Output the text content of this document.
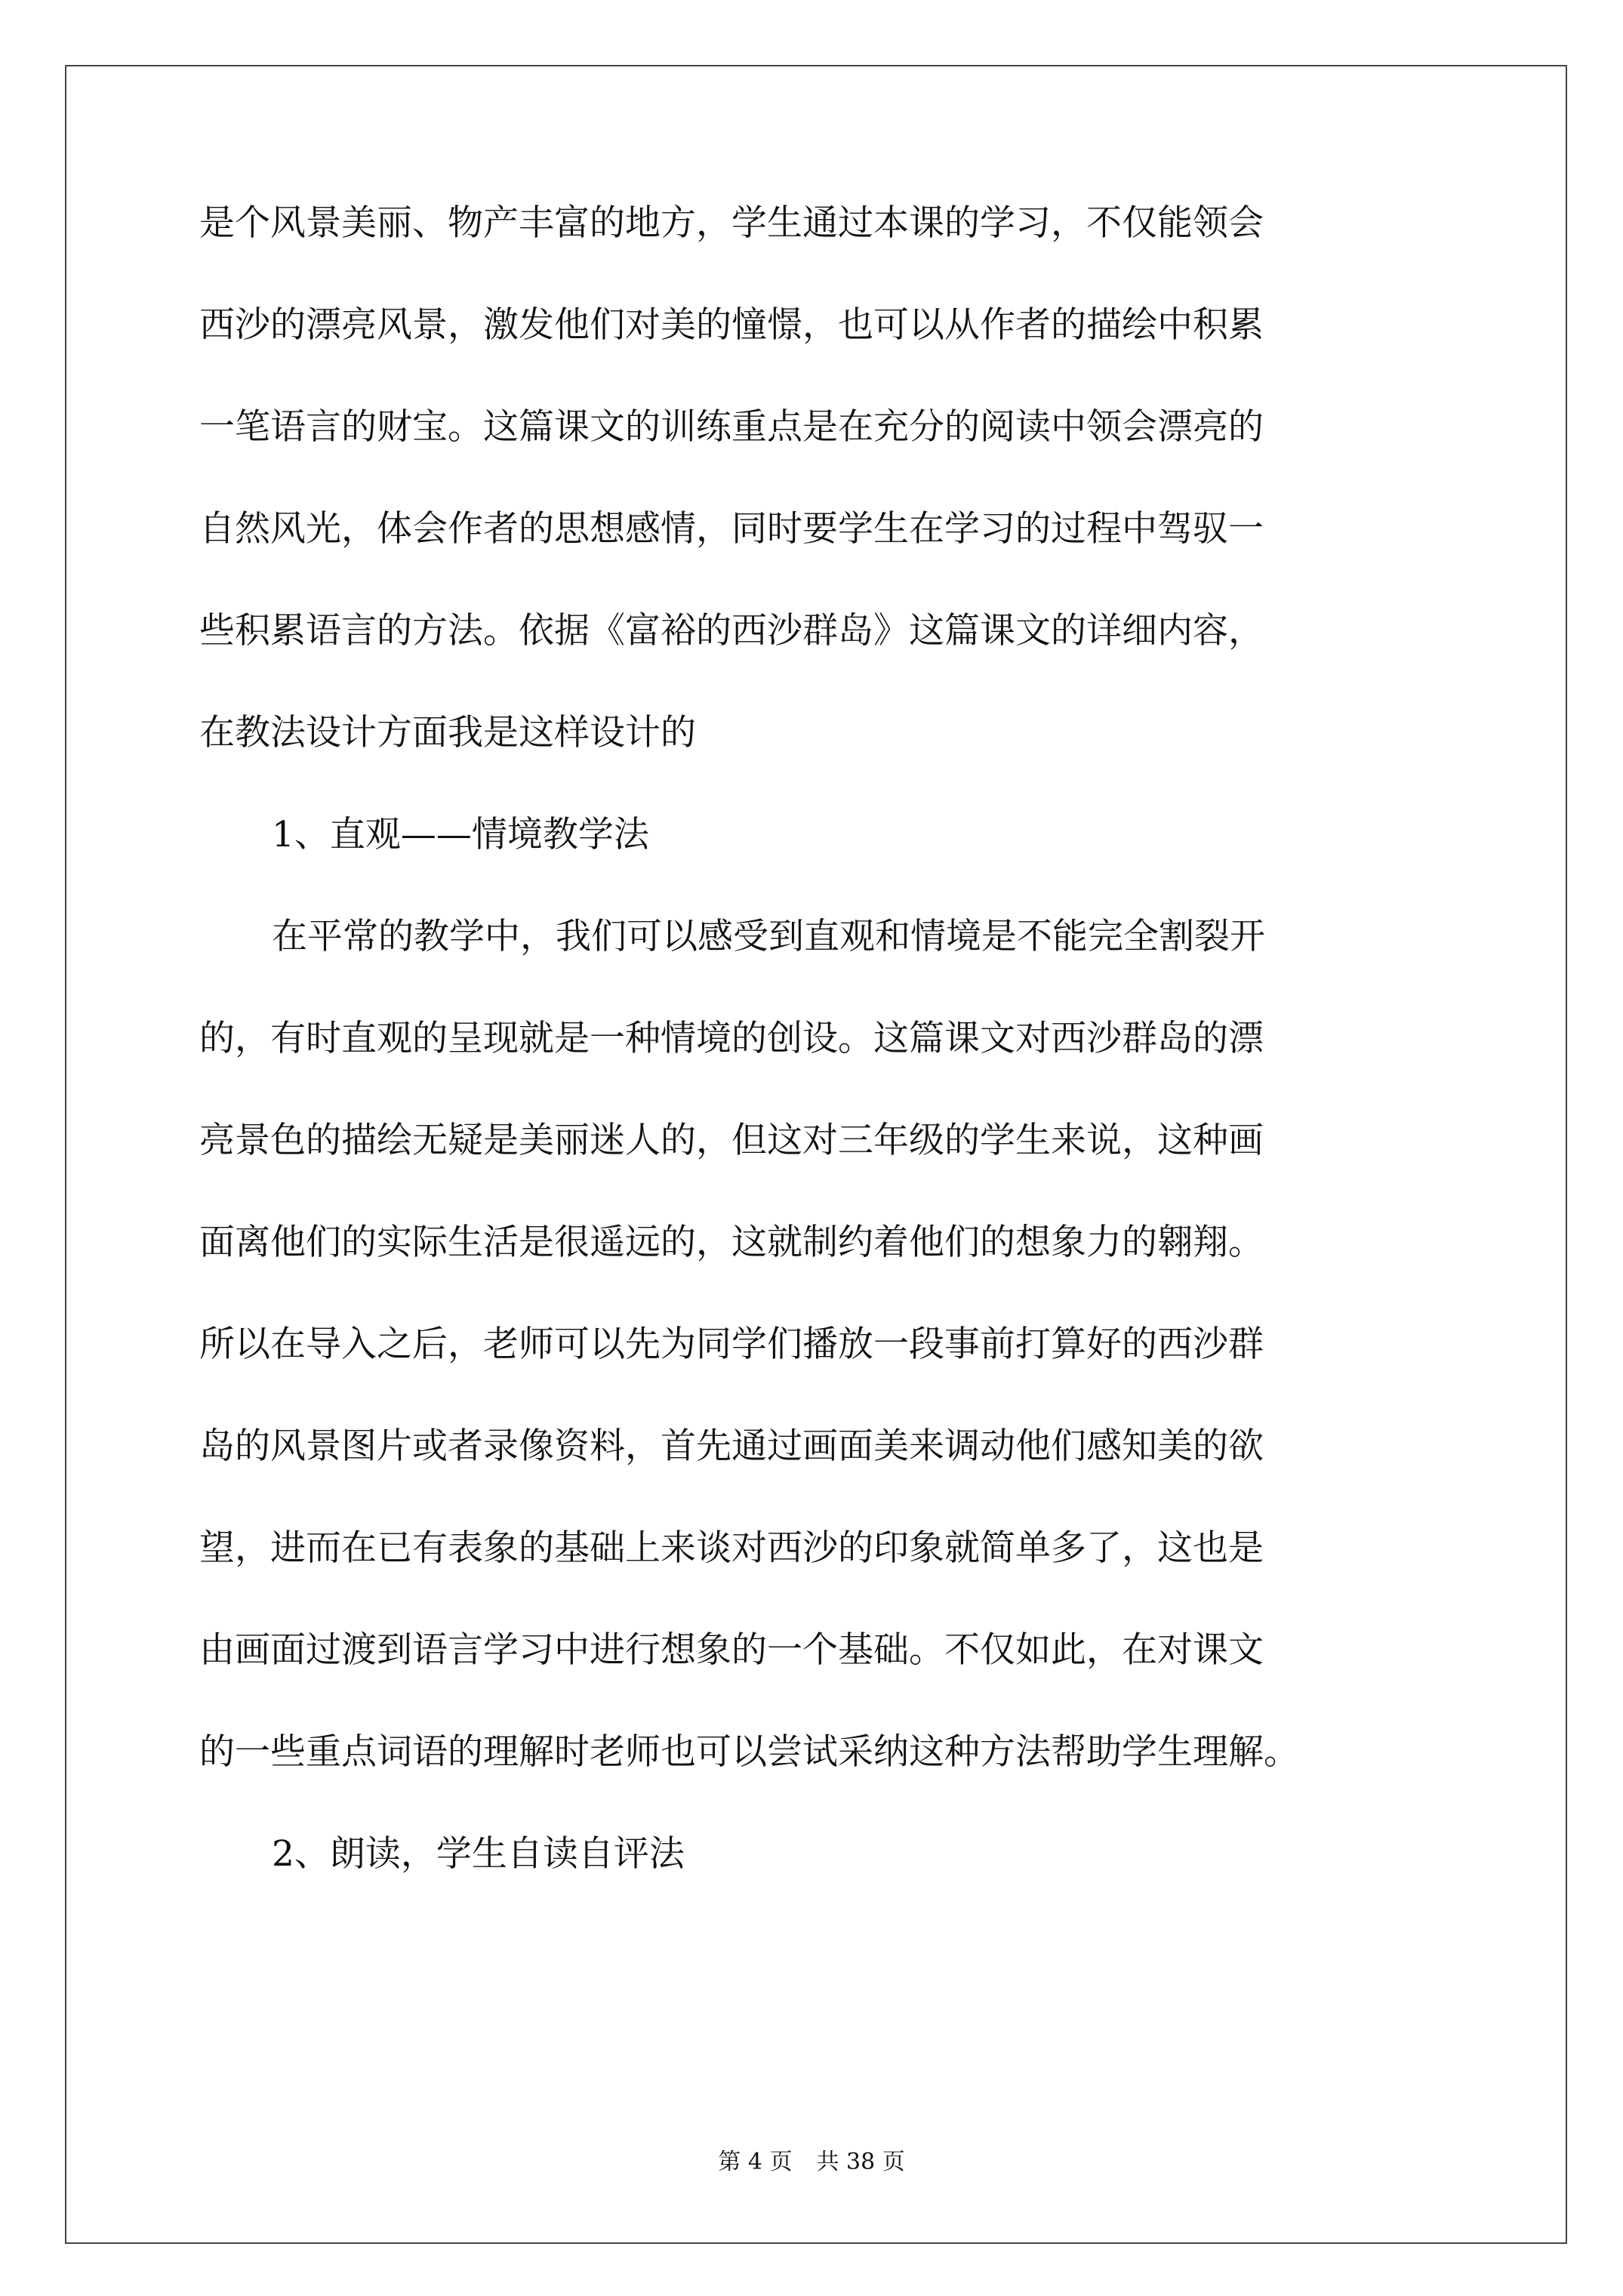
是个风景美丽、物产丰富的地方，学生通过本课的学习，不仅能领会
西沙的漂亮风景，激发他们对美的憧憬，也可以从作者的描绘中积累
一笔语言的财宝。这篇课文的训练重点是在充分的阅读中领会漂亮的
自然风光，体会作者的思想感情，同时要学生在学习的过程中驾驭一
些积累语言的方法。依据《富裕的西沙群岛》这篇课文的详细内容，
在教法设计方面我是这样设计的
1、直观——情境教学法
在平常的教学中，我们可以感受到直观和情境是不能完全割裂开
的，有时直观的呈现就是一种情境的创设。这篇课文对西沙群岛的漂
亮景色的描绘无疑是美丽迷人的，但这对三年级的学生来说，这种画
面离他们的实际生活是很遥远的，这就制约着他们的想象力的翱翔。
所以在导入之后，老师可以先为同学们播放一段事前打算好的西沙群
岛的风景图片或者录像资料，首先通过画面美来调动他们感知美的欲
望，进而在已有表象的基础上来谈对西沙的印象就简单多了，这也是
由画面过渡到语言学习中进行想象的一个基础。不仅如此，在对课文
的一些重点词语的理解时老师也可以尝试采纳这种方法帮助学生理解。
2、朗读，学生自读自评法
第 4 页 共 38 页
